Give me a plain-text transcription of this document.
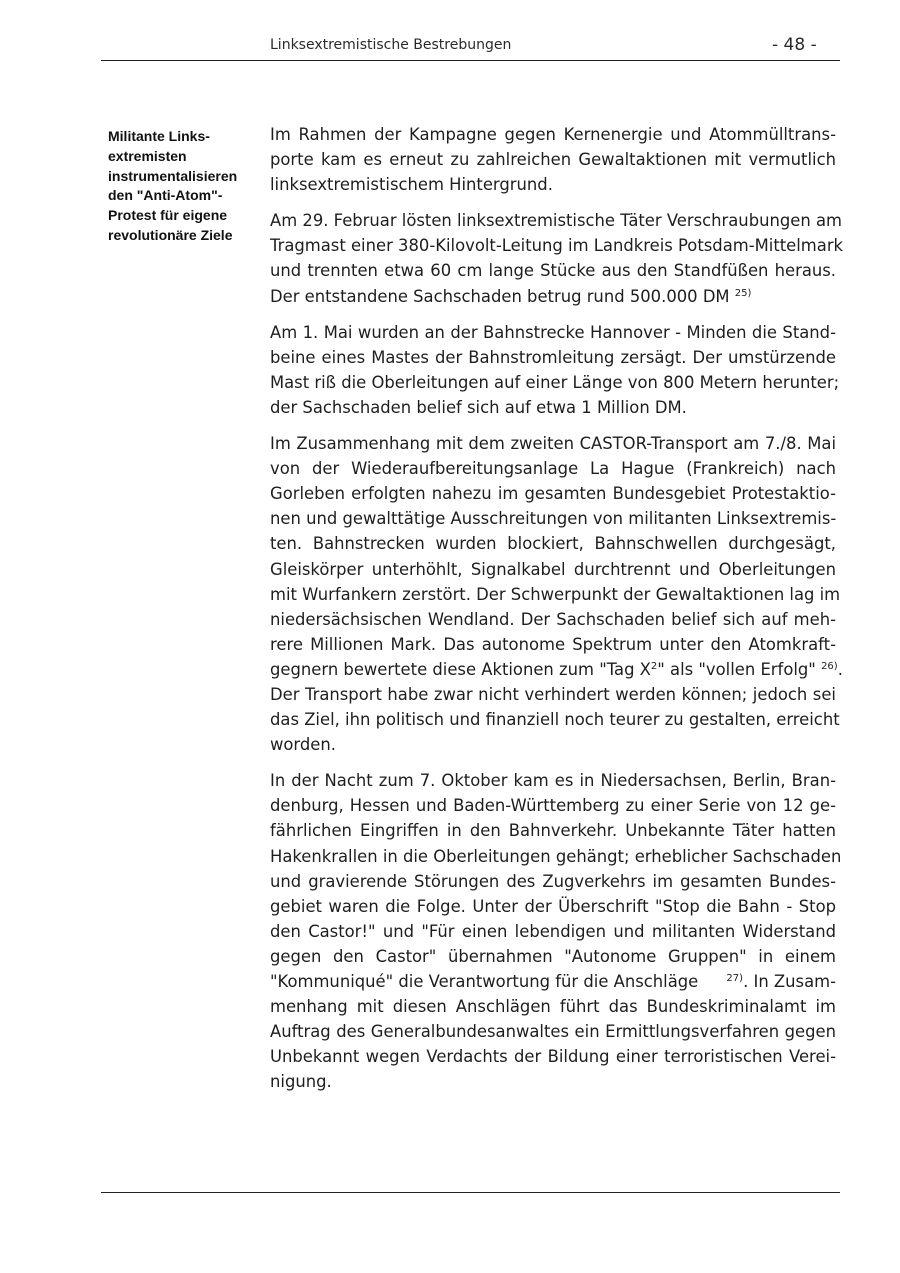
Linksextremistische Bestrebungen	- 48 -
Militante Links-
extremisten
instrumentalisieren
den "Anti-Atom"-
Protest für eigene
revolutionäre Ziele

Im Rahmen der Kampagne gegen Kernenergie und Atommülltrans-
porte kam es erneut zu zahlreichen Gewaltaktionen mit vermutlich
linksextremistischem Hintergrund.

Am 29. Februar lösten linksextremistische Täter Verschraubungen am
Tragmast einer 380-Kilovolt-Leitung im Landkreis Potsdam-Mittelmark
und trennten etwa 60 cm lange Stücke aus den Standfüßen heraus.
Der entstandene Sachschaden betrug rund 500.000 DM $^{25)}$

Am 1. Mai wurden an der Bahnstrecke Hannover - Minden die Stand-
beine eines Mastes der Bahnstromleitung zersägt. Der umstürzende
Mast riß die Oberleitungen auf einer Länge von 800 Metern herunter;
der Sachschaden belief sich auf etwa 1 Million DM.

Im Zusammenhang mit dem zweiten CASTOR-Transport am 7./8. Mai
von der Wiederaufbereitungsanlage La Hague (Frankreich) nach
Gorleben erfolgten nahezu im gesamten Bundesgebiet Protestaktio-
nen und gewalttätige Ausschreitungen von militanten Linksextremis-
ten. Bahnstrecken wurden blockiert, Bahnschwellen durchgesägt,
Gleiskörper unterhöhlt, Signalkabel durchtrennt und Oberleitungen
mit Wurfankern zerstört. Der Schwerpunkt der Gewaltaktionen lag im
niedersächsischen Wendland. Der Sachschaden belief sich auf meh-
rere Millionen Mark. Das autonome Spektrum unter den Atomkraft-
gegnern bewertete diese Aktionen zum "Tag $X^2$" als "vollen Erfolg" $^{26)}$.
Der Transport habe zwar nicht verhindert werden können; jedoch sei
das Ziel, ihn politisch und finanziell noch teurer zu gestalten, erreicht
worden.

In der Nacht zum 7. Oktober kam es in Niedersachsen, Berlin, Bran-
denburg, Hessen und Baden-Württemberg zu einer Serie von 12 ge-
fährlichen Eingriffen in den Bahnverkehr. Unbekannte Täter hatten
Hakenkrallen in die Oberleitungen gehängt; erheblicher Sachschaden
und gravierende Störungen des Zugverkehrs im gesamten Bundes-
gebiet waren die Folge. Unter der Überschrift "Stop die Bahn - Stop
den Castor!" und "Für einen lebendigen und militanten Widerstand
gegen den Castor" übernahmen "Autonome Gruppen" in einem
"Kommuniqué" die Verantwortung für die Anschläge	$^{27)}$. In Zusam-
menhang mit diesen Anschlägen führt das Bundeskriminalamt im
Auftrag des Generalbundesanwaltes ein Ermittlungsverfahren gegen
Unbekannt wegen Verdachts der Bildung einer terroristischen Verei-
nigung.
